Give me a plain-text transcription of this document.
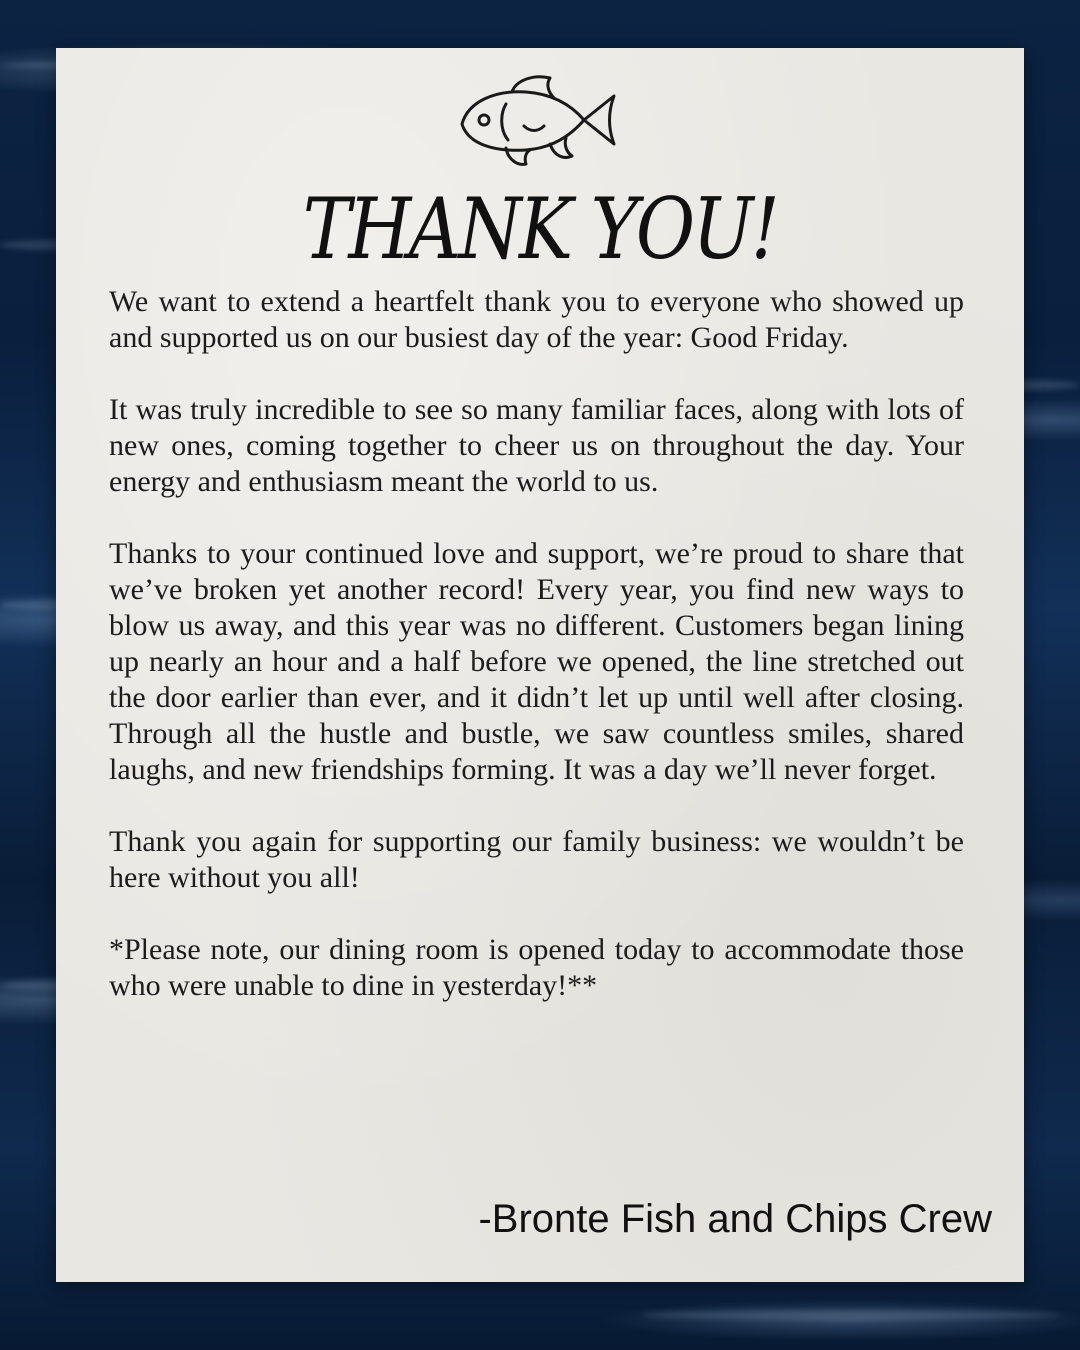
THANK YOU!

We want to extend a heartfelt thank you to everyone who showed up and supported us on our busiest day of the year: Good Friday.

It was truly incredible to see so many familiar faces, along with lots of new ones, coming together to cheer us on throughout the day. Your energy and enthusiasm meant the world to us.

Thanks to your continued love and support, we’re proud to share that we’ve broken yet another record! Every year, you find new ways to blow us away, and this year was no different. Customers began lining up nearly an hour and a half before we opened, the line stretched out the door earlier than ever, and it didn’t let up until well after closing. Through all the hustle and bustle, we saw countless smiles, shared laughs, and new friendships forming. It was a day we’ll never forget.

Thank you again for supporting our family business: we wouldn’t be here without you all!

*Please note, our dining room is opened today to accommodate those who were unable to dine in yesterday!**

-Bronte Fish and Chips Crew
